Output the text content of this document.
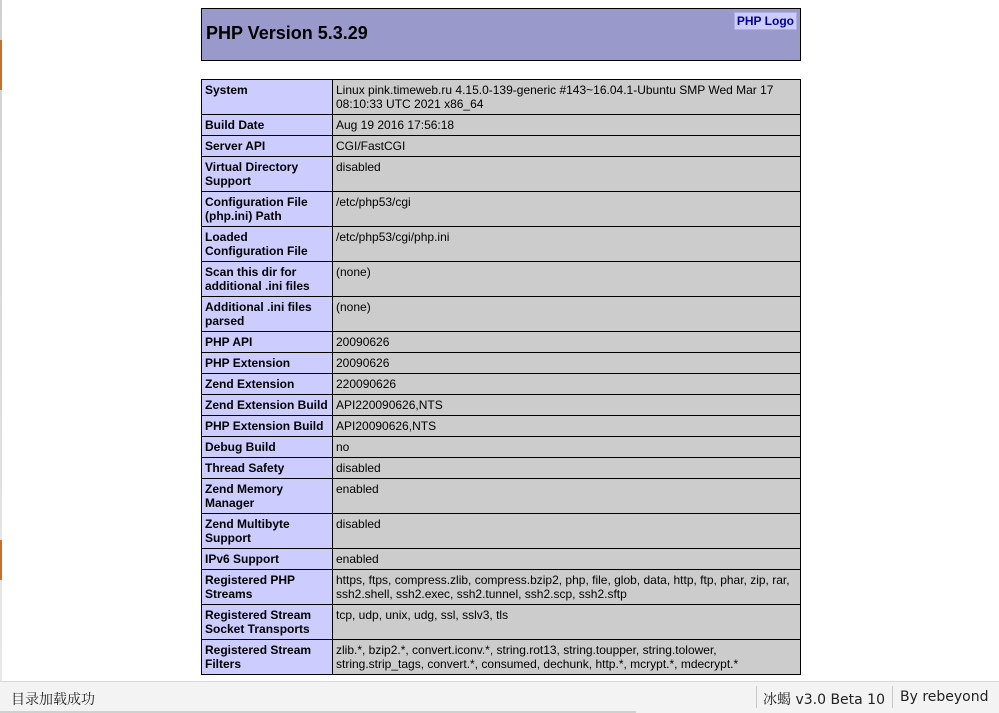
PHP Version 5.3.29
PHP Logo
System	Linux pink.timeweb.ru 4.15.0-139-generic #143~16.04.1-Ubuntu SMP Wed Mar 17 08:10:33 UTC 2021 x86_64
Build Date	Aug 19 2016 17:56:18
Server API	CGI/FastCGI
Virtual Directory Support	disabled
Configuration File (php.ini) Path	/etc/php53/cgi
Loaded Configuration File	/etc/php53/cgi/php.ini
Scan this dir for additional .ini files	(none)
Additional .ini files parsed	(none)
PHP API	20090626
PHP Extension	20090626
Zend Extension	220090626
Zend Extension Build	API220090626,NTS
PHP Extension Build	API20090626,NTS
Debug Build	no
Thread Safety	disabled
Zend Memory Manager	enabled
Zend Multibyte Support	disabled
IPv6 Support	enabled
Registered PHP Streams	https, ftps, compress.zlib, compress.bzip2, php, file, glob, data, http, ftp, phar, zip, rar, ssh2.shell, ssh2.exec, ssh2.tunnel, ssh2.scp, ssh2.sftp
Registered Stream Socket Transports	tcp, udp, unix, udg, ssl, sslv3, tls
Registered Stream Filters	zlib.*, bzip2.*, convert.iconv.*, string.rot13, string.toupper, string.tolower, string.strip_tags, convert.*, consumed, dechunk, http.*, mcrypt.*, mdecrypt.*
目录加载成功	冰蝎 v3.0 Beta 10 By rebeyond
